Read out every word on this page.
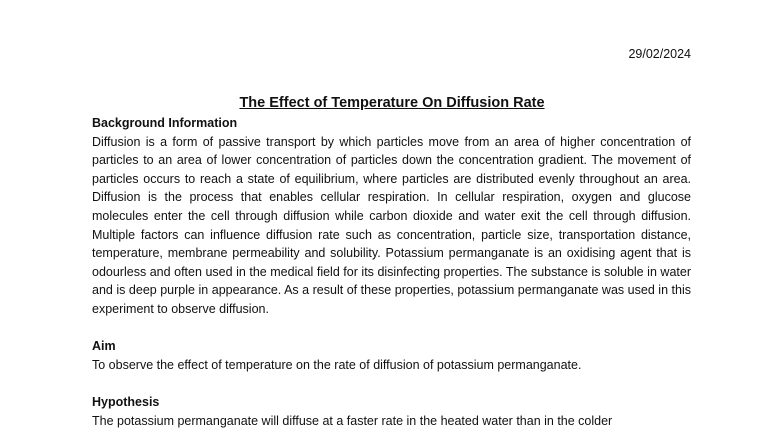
29/02/2024
The Effect of Temperature On Diffusion Rate

Background Information

Diffusion is a form of passive transport by which particles move from an area of higher concentration of particles to an area of lower concentration of particles down the concentration gradient. The movement of particles occurs to reach a state of equilibrium, where particles are distributed evenly throughout an area. Diffusion is the process that enables cellular respiration. In cellular respiration, oxygen and glucose molecules enter the cell through diffusion while carbon dioxide and water exit the cell through diffusion. Multiple factors can influence diffusion rate such as concentration, particle size, transportation distance, temperature, membrane permeability and solubility. Potassium permanganate is an oxidising agent that is odourless and often used in the medical field for its disinfecting properties. The substance is soluble in water and is deep purple in appearance. As a result of these properties, potassium permanganate was used in this experiment to observe diffusion.

Aim

To observe the effect of temperature on the rate of diffusion of potassium permanganate.

Hypothesis

The potassium permanganate will diffuse at a faster rate in the heated water than in the colder
